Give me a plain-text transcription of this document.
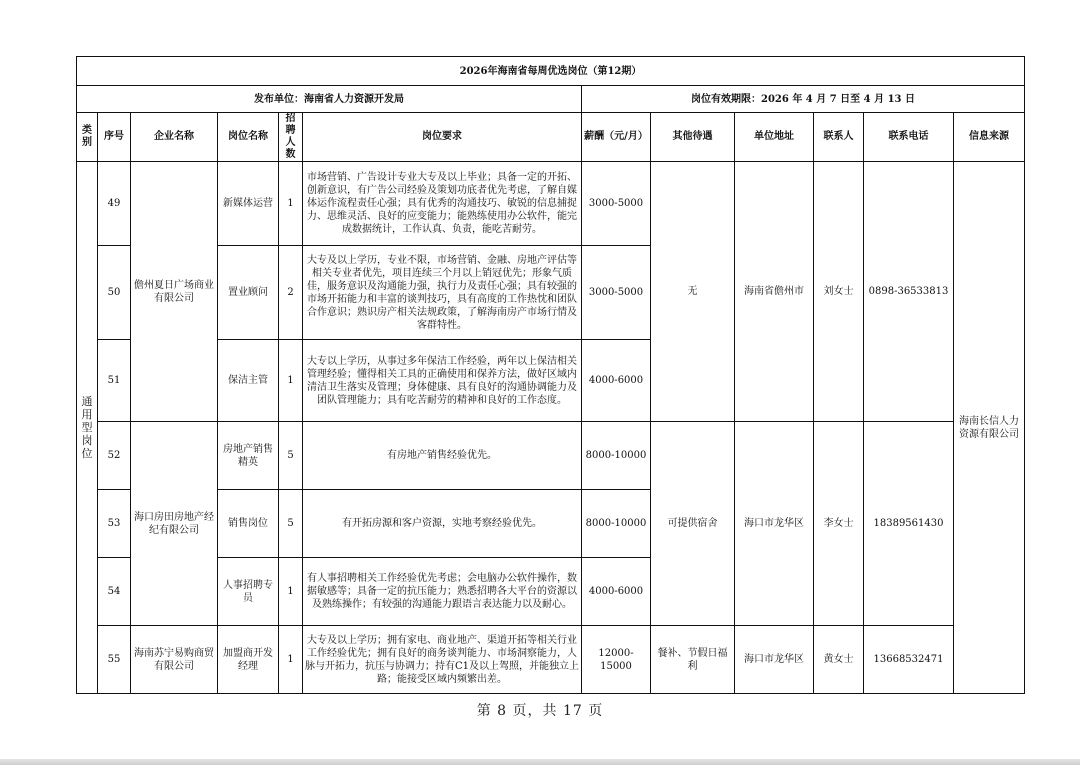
2026年海南省每周优选岗位（第12期）											
发布单位：海南省人力资源开发局						岗位有效期限：2026 年 4 月 7 日至 4 月 13 日					
类别	序号	企业名称	岗位名称	招聘人数	岗位要求	薪酬（元/月）	其他待遇	单位地址	联系人	联系电话	信息来源

通
用
型
岗
位	49	儋州夏日广场商业有限公司	新媒体运营	1	市场营销、广告设计专业大专及以上毕业；具备一定的开拓、创新意识，有广告公司经验及策划功底者优先考虑，了解自媒体运作流程责任心强；具有优秀的沟通技巧、敏锐的信息捕捉力、思维灵活、良好的应变能力；能熟练使用办公软件，能完成数据统计，工作认真、负责，能吃苦耐劳。	3000-5000	无	海南省儋州市	刘女士	0898-36533813	海南长信人力资源有限公司
	50		置业顾问	2	大专及以上学历，专业不限，市场营销、金融、房地产评估等相关专业者优先，项目连续三个月以上销冠优先；形象气质佳，服务意识及沟通能力强，执行力及责任心强；具有较强的市场开拓能力和丰富的谈判技巧，具有高度的工作热忱和团队合作意识；熟识房产相关法规政策，了解海南房产市场行情及客群特性。	3000-5000					
	51		保洁主管	1	大专以上学历，从事过多年保洁工作经验，两年以上保洁相关管理经验；懂得相关工具的正确使用和保养方法，做好区域内清洁卫生落实及管理；身体健康、具有良好的沟通协调能力及团队管理能力；具有吃苦耐劳的精神和良好的工作态度。	4000-6000					
	52	海口房田房地产经纪有限公司	房地产销售精英	5	有房地产销售经验优先。	8000-10000	可提供宿舍	海口市龙华区	李女士	18389561430	
	53		销售岗位	5	有开拓房源和客户资源，实地考察经验优先。	8000-10000					
	54		人事招聘专员	1	有人事招聘相关工作经验优先考虑；会电脑办公软件操作，数据敏感等；具备一定的抗压能力；熟悉招聘各大平台的资源以及熟练操作；有较强的沟通能力跟语言表达能力以及耐心。	4000-6000					
	55	海南苏宁易购商贸有限公司	加盟商开发经理	1	大专及以上学历；拥有家电、商业地产、渠道开拓等相关行业工作经验优先；拥有良好的商务谈判能力、市场洞察能力，人脉与开拓力，抗压与协调力；持有C1及以上驾照，并能独立上路；能接受区域内频繁出差。	12000-15000	餐补、节假日福利	海口市龙华区	黄女士	13668532471	
第 8 页，共 17 页
